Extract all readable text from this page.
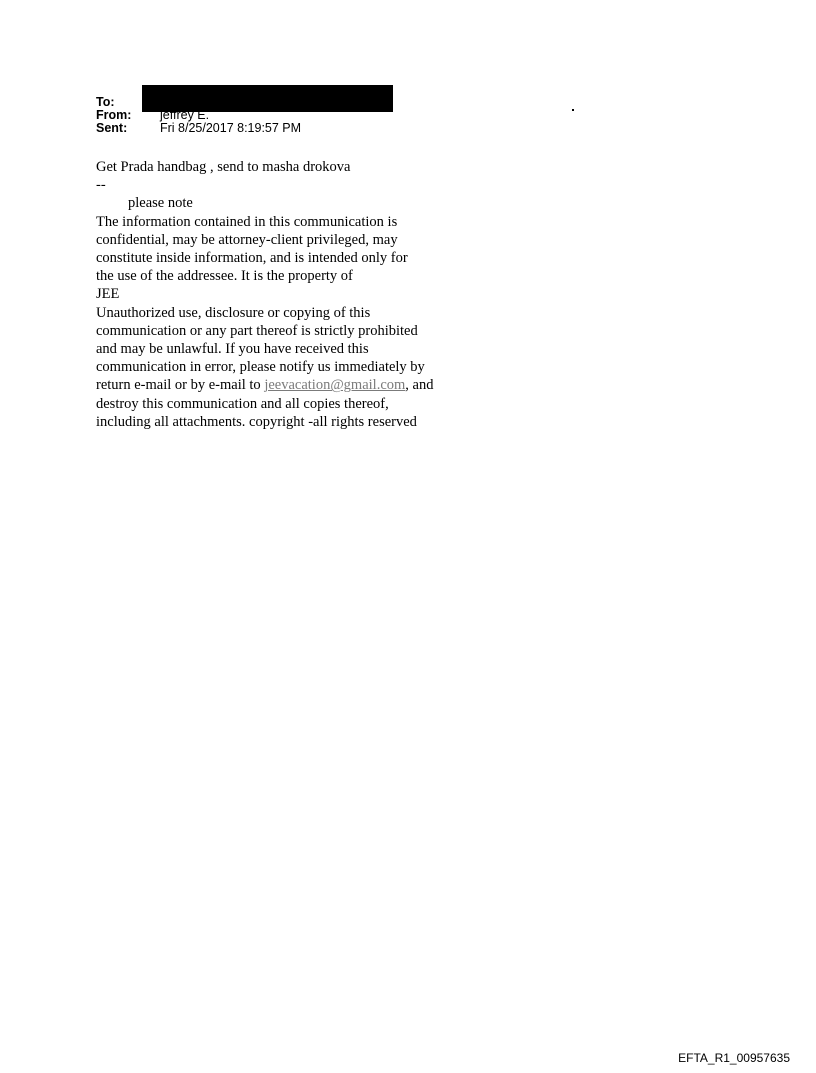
To:
From: jeffrey E.
Sent:	Fri 8/25/2017 8:19:57 PM

Get Prada handbag , send to masha drokova

--

please note

The information contained in this communication is

confidential, may be attorney-client privileged, may

constitute inside information, and is intended only for

the use of the addressee. It is the property of

JEE

Unauthorized use, disclosure or copying of this

communication or any part thereof is strictly prohibited

and may be unlawful. If you have received this

communication in error, please notify us immediately by

return e-mail or by e-mail to jeevacation@gmail.com, and

destroy this communication and all copies thereof,

including all attachments. copyright -all rights reserved

EFTA_R1_00957635
